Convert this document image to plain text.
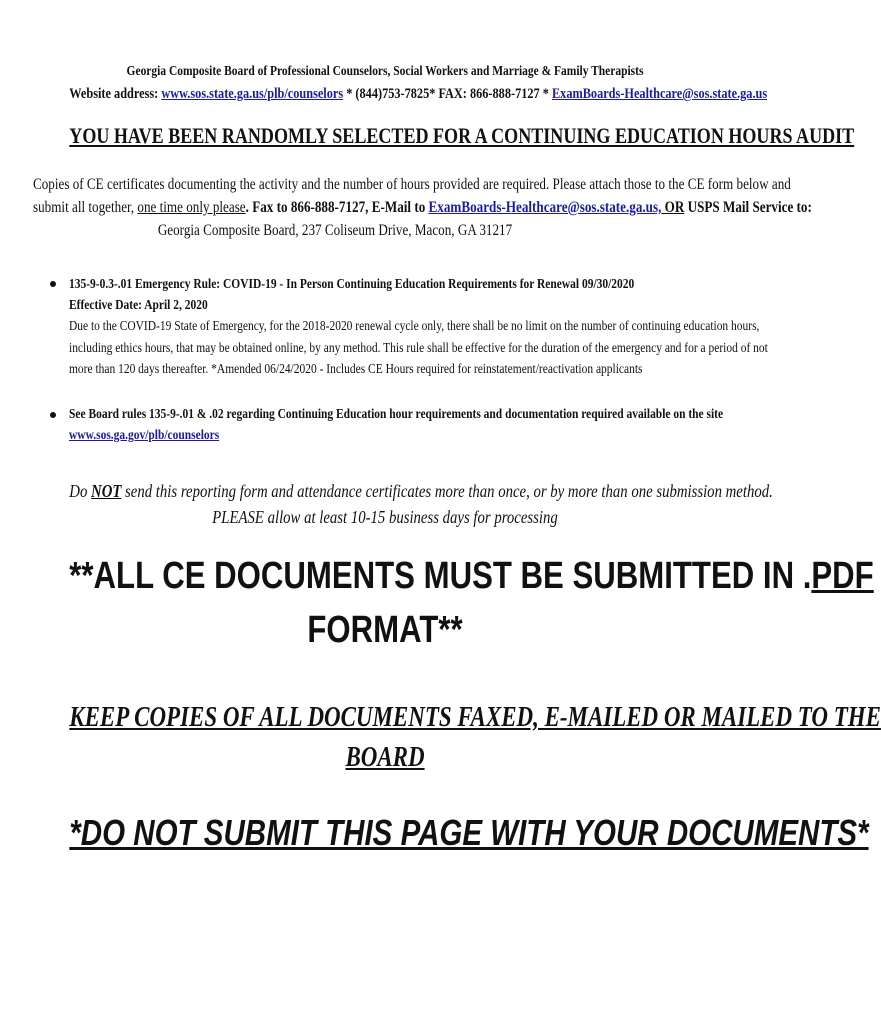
Georgia Composite Board of Professional Counselors, Social Workers and Marriage & Family Therapists
Website address: www.sos.state.ga.us/plb/counselors * (844)753-7825* FAX: 866-888-7127 * ExamBoards-Healthcare@sos.state.ga.us
YOU HAVE BEEN RANDOMLY SELECTED FOR A CONTINUING EDUCATION HOURS AUDIT
Copies of CE certificates documenting the activity and the number of hours provided are required. Please attach those to the CE form below and
submit all together, one time only please. Fax to 866-888-7127, E-Mail to ExamBoards-Healthcare@sos.state.ga.us, OR USPS Mail Service to:
Georgia Composite Board, 237 Coliseum Drive, Macon, GA 31217
135-9-0.3-.01 Emergency Rule: COVID-19 - In Person Continuing Education Requirements for Renewal 09/30/2020
Effective Date: April 2, 2020
Due to the COVID-19 State of Emergency, for the 2018-2020 renewal cycle only, there shall be no limit on the number of continuing education hours,
including ethics hours, that may be obtained online, by any method. This rule shall be effective for the duration of the emergency and for a period of not
more than 120 days thereafter. *Amended 06/24/2020 - Includes CE Hours required for reinstatement/reactivation applicants
See Board rules 135-9-.01 & .02 regarding Continuing Education hour requirements and documentation required available on the site
www.sos.ga.gov/plb/counselors
Do NOT send this reporting form and attendance certificates more than once, or by more than one submission method.
PLEASE allow at least 10-15 business days for processing
**ALL CE DOCUMENTS MUST BE SUBMITTED IN .PDF
FORMAT**
KEEP COPIES OF ALL DOCUMENTS FAXED, E-MAILED OR MAILED TO THE
BOARD
*DO NOT SUBMIT THIS PAGE WITH YOUR DOCUMENTS*
